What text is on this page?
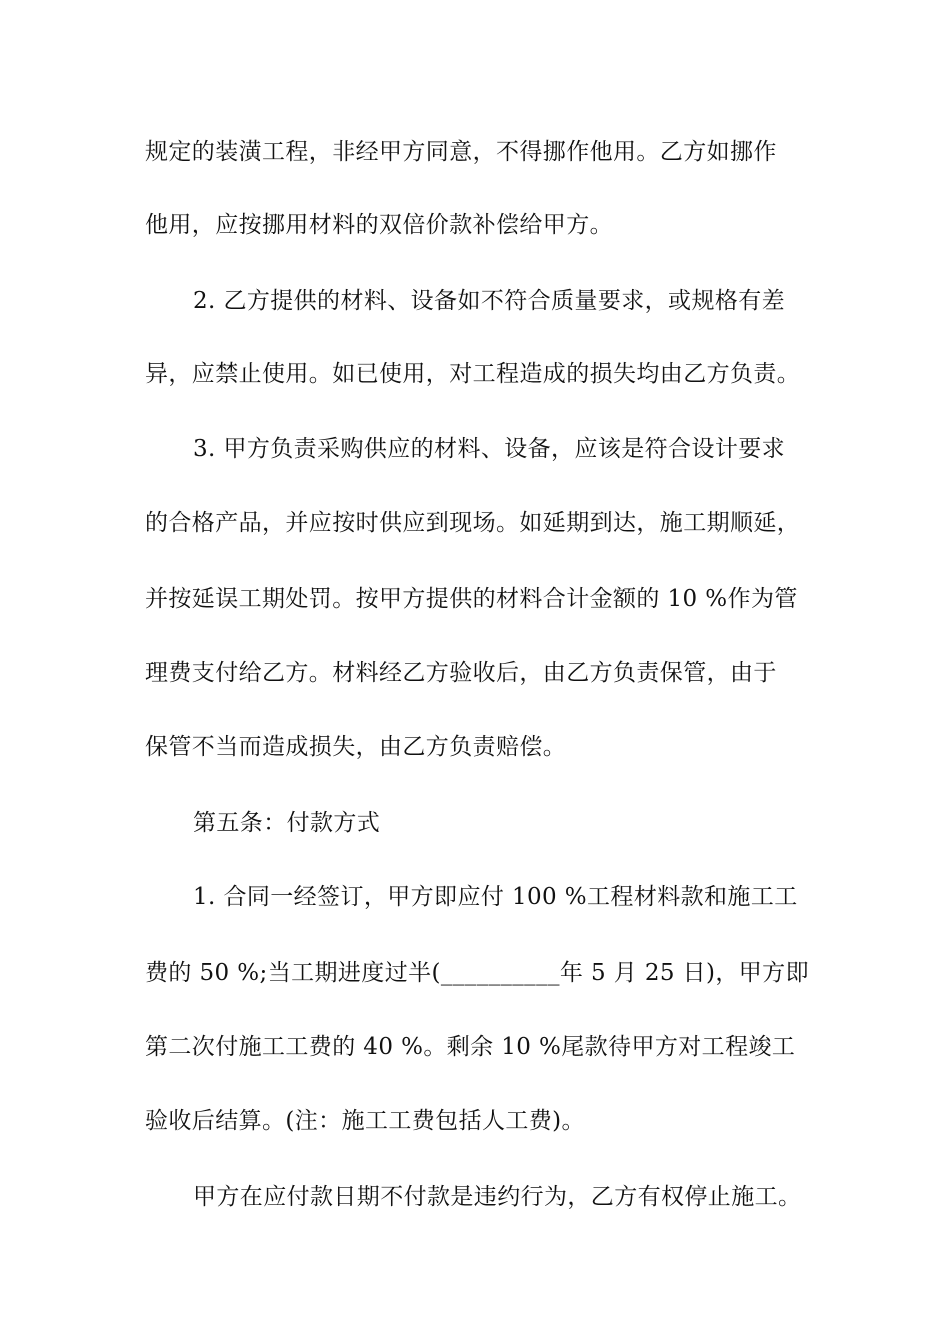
规定的装潢工程，非经甲方同意，不得挪作他用。乙方如挪作
他用，应按挪用材料的双倍价款补偿给甲方。
2. 乙方提供的材料、设备如不符合质量要求，或规格有差
异，应禁止使用。如已使用，对工程造成的损失均由乙方负责。
3. 甲方负责采购供应的材料、设备，应该是符合设计要求
的合格产品，并应按时供应到现场。如延期到达，施工期顺延，
并按延误工期处罚。按甲方提供的材料合计金额的 10 %作为管
理费支付给乙方。材料经乙方验收后，由乙方负责保管，由于
保管不当而造成损失，由乙方负责赔偿。
第五条：付款方式
1. 合同一经签订，甲方即应付 100 %工程材料款和施工工
费的 50 %;当工期进度过半(__________年 5 月 25 日)，甲方即
第二次付施工工费的 40 %。剩余 10 %尾款待甲方对工程竣工
验收后结算。(注：施工工费包括人工费)。
甲方在应付款日期不付款是违约行为，乙方有权停止施工。
